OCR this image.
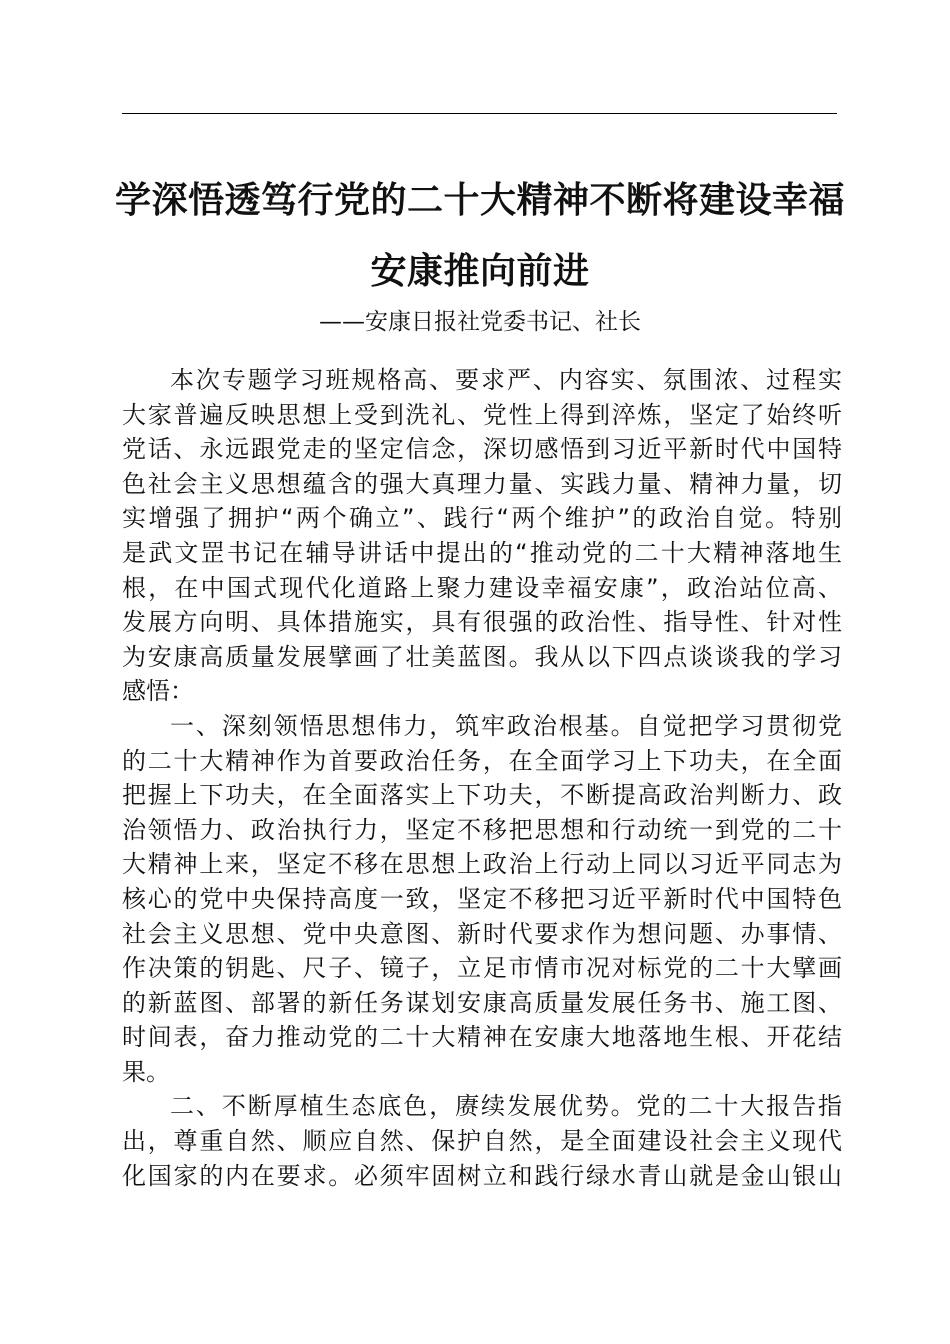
学深悟透笃行党的二十大精神不断将建设幸福
安康推向前进
——安康日报社党委书记、社长
本次专题学习班规格高、要求严、内容实、氛围浓、过程实
大家普遍反映思想上受到洗礼、党性上得到淬炼，坚定了始终听
党话、永远跟党走的坚定信念，深切感悟到习近平新时代中国特
色社会主义思想蕴含的强大真理力量、实践力量、精神力量，切
实增强了拥护“两个确立”、践行“两个维护”的政治自觉。特别
是武文罡书记在辅导讲话中提出的“推动党的二十大精神落地生
根，在中国式现代化道路上聚力建设幸福安康”，政治站位高、
发展方向明、具体措施实，具有很强的政治性、指导性、针对性
为安康高质量发展擘画了壮美蓝图。我从以下四点谈谈我的学习
感悟：
一、深刻领悟思想伟力，筑牢政治根基。自觉把学习贯彻党
的二十大精神作为首要政治任务，在全面学习上下功夫，在全面
把握上下功夫，在全面落实上下功夫，不断提高政治判断力、政
治领悟力、政治执行力，坚定不移把思想和行动统一到党的二十
大精神上来，坚定不移在思想上政治上行动上同以习近平同志为
核心的党中央保持高度一致，坚定不移把习近平新时代中国特色
社会主义思想、党中央意图、新时代要求作为想问题、办事情、
作决策的钥匙、尺子、镜子，立足市情市况对标党的二十大擘画
的新蓝图、部署的新任务谋划安康高质量发展任务书、施工图、
时间表，奋力推动党的二十大精神在安康大地落地生根、开花结
果。
二、不断厚植生态底色，赓续发展优势。党的二十大报告指
出，尊重自然、顺应自然、保护自然，是全面建设社会主义现代
化国家的内在要求。必须牢固树立和践行绿水青山就是金山银山
